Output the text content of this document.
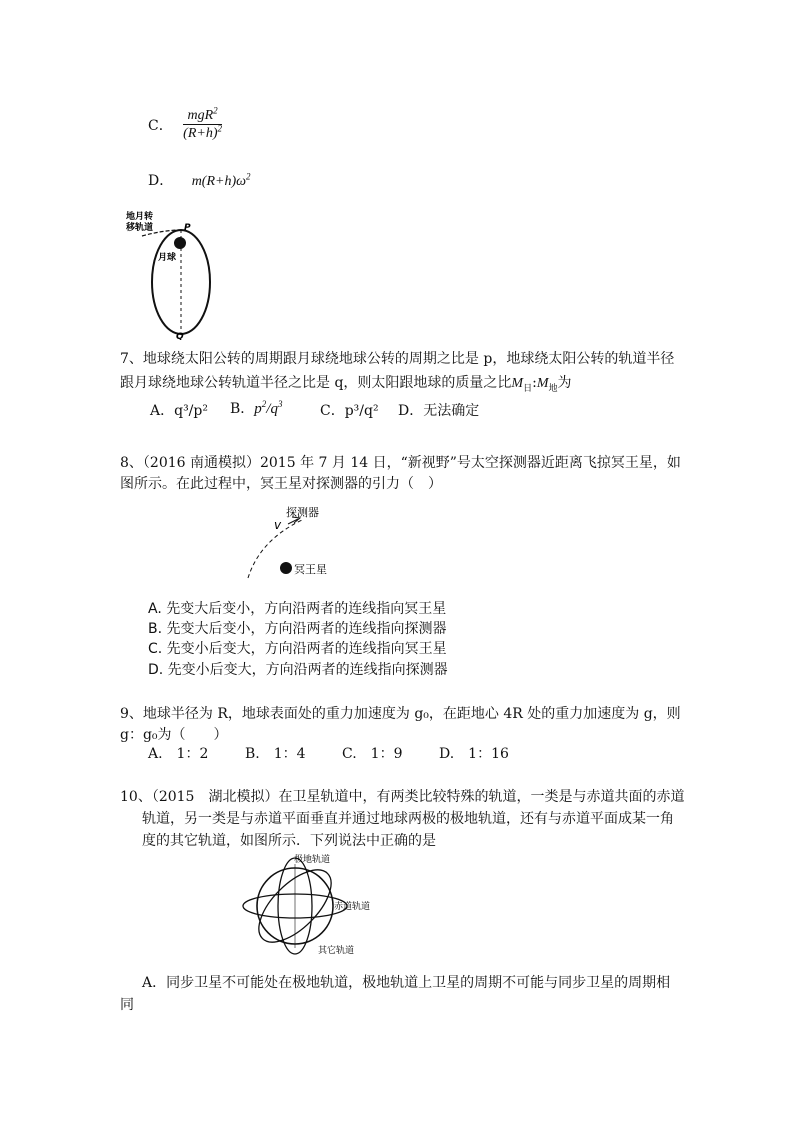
C． $\frac{mgR^2}{(R+h)^2}$
D． $m(R+h)\omega^2$
地月转
移轨道	P
月球
Q
7、地球绕太阳公转的周期跟月球绕地球公转的周期之比是 p，地球绕太阳公转的轨道半径
跟月球绕地球公转轨道半径之比是 q，则太阳跟地球的质量之比$M_日:M_地$为
A．q³/p² B．$p^2/q^3$	C．p³/q² D．无法确定
8、（2016 南通模拟）2015 年 7 月 14 日，“新视野”号太空探测器近距离飞掠冥王星，如
图所示。在此过程中，冥王星对探测器的引力（　）
v
探测器
冥王星
A. 先变大后变小，方向沿两者的连线指向冥王星
B. 先变大后变小，方向沿两者的连线指向探测器
C. 先变小后变大，方向沿两者的连线指向冥王星
D. 先变小后变大，方向沿两者的连线指向探测器
9、地球半径为 R，地球表面处的重力加速度为 g₀，在距地心 4R 处的重力加速度为 g，则
g：g₀为（　　）
A.　1：2	B.　1：4	C.　1：9	D.　1：16
10、（2015　湖北模拟）在卫星轨道中，有两类比较特殊的轨道，一类是与赤道共面的赤道
轨道，另一类是与赤道平面垂直并通过地球两极的极地轨道，还有与赤道平面成某一角
度的其它轨道，如图所示．下列说法中正确的是
极地轨道
赤道轨道
其它轨道
A．同步卫星不可能处在极地轨道，极地轨道上卫星的周期不可能与同步卫星的周期相
同
